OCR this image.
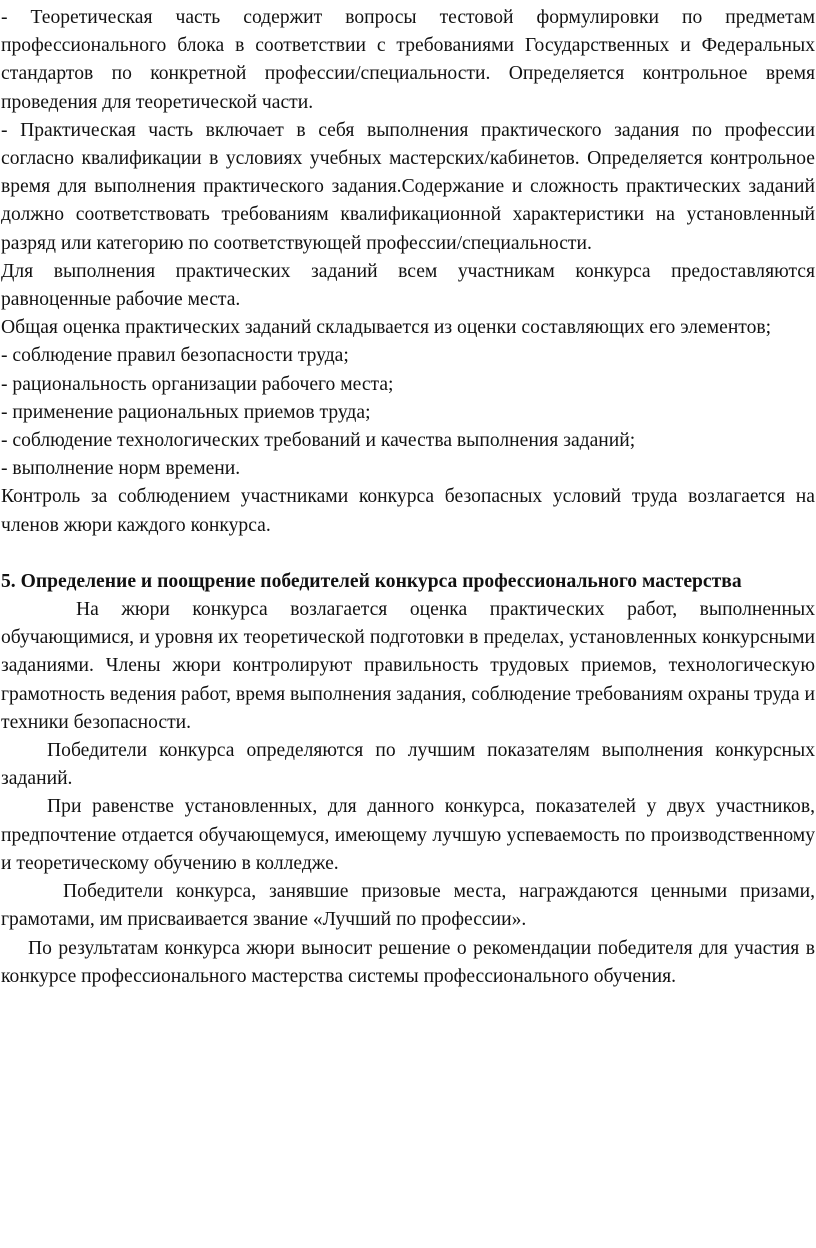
- Теоретическая часть содержит вопросы тестовой формулировки по предметам профессионального блока в соответствии с требованиями Государственных и Федеральных стандартов по конкретной профессии/специальности. Определяется контрольное время проведения для теоретической части.

- Практическая часть включает в себя выполнения практического задания по профессии согласно квалификации в условиях учебных мастерских/кабинетов. Определяется контрольное время для выполнения практического задания.Содержание и сложность практических заданий должно соответствовать требованиям квалификационной характеристики на установленный разряд или категорию по соответствующей профессии/специальности.

Для выполнения практических заданий всем участникам конкурса предоставляются равноценные рабочие места.

Общая оценка практических заданий складывается из оценки составляющих его элементов;

- соблюдение правил безопасности труда;

- рациональность организации рабочего места;

- применение рациональных приемов труда;

- соблюдение технологических требований и качества выполнения заданий;

- выполнение норм времени.

Контроль за соблюдением участниками конкурса безопасных условий труда возлагается на членов жюри каждого конкурса.

5. Определение и поощрение победителей конкурса профессионального мастерства

На жюри конкурса возлагается оценка практических работ, выполненных обучающимися, и уровня их теоретической подготовки в пределах, установленных конкурсными заданиями. Члены жюри контролируют правильность трудовых приемов, технологическую грамотность ведения работ, время выполнения задания, соблюдение требованиям охраны труда и техники безопасности.

Победители конкурса определяются по лучшим показателям выполнения конкурсных заданий.

При равенстве установленных, для данного конкурса, показателей у двух участников, предпочтение отдается обучающемуся, имеющему лучшую успеваемость по производственному и теоретическому обучению в колледже.

Победители конкурса, занявшие призовые места, награждаются ценными призами, грамотами, им присваивается звание «Лучший по профессии».

По результатам конкурса жюри выносит решение о рекомендации победителя для участия в конкурсе профессионального мастерства системы профессионального обучения.
